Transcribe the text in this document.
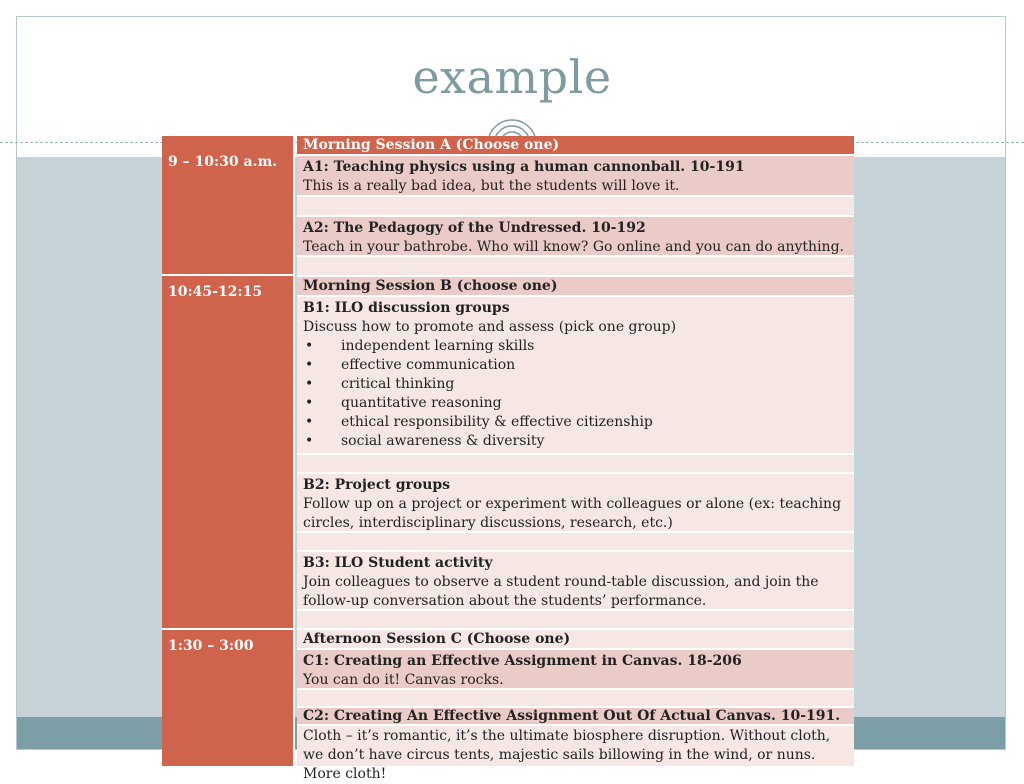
example
9 – 10:30 a.m.
10:45-12:15
1:30 – 3:00
Morning Session A (Choose one)
A1: Teaching physics using a human cannonball. 10-191
This is a really bad idea, but the students will love it.
A2: The Pedagogy of the Undressed. 10-192
Teach in your bathrobe. Who will know? Go online and you can do anything.
Morning Session B (choose one)
B1: ILO discussion groups
Discuss how to promote and assess (pick one group)
• independent learning skills
• effective communication
• critical thinking
• quantitative reasoning
• ethical responsibility & effective citizenship
• social awareness & diversity
B2: Project groups
Follow up on a project or experiment with colleagues or alone (ex: teaching circles, interdisciplinary discussions, research, etc.)
B3: ILO Student activity
Join colleagues to observe a student round-table discussion, and join the follow-up conversation about the students’ performance.
Afternoon Session C (Choose one)
C1: Creating an Effective Assignment in Canvas. 18-206
You can do it! Canvas rocks.
C2: Creating An Effective Assignment Out Of Actual Canvas. 10-191.
Cloth – it’s romantic, it’s the ultimate biosphere disruption. Without cloth, we don’t have circus tents, majestic sails billowing in the wind, or nuns. More cloth!
